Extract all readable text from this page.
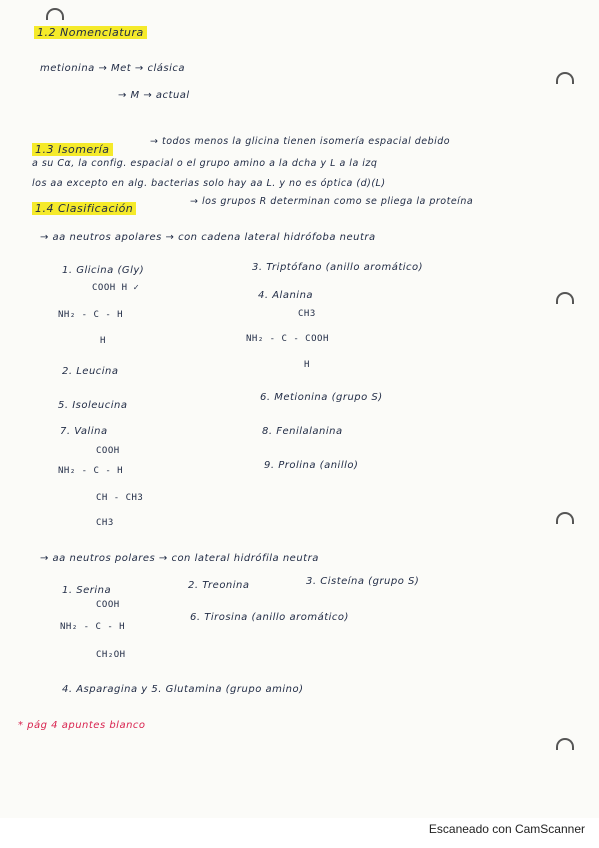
1.2 Nomenclatura
metionina → Met → clásica
→ M → actual
1.3 Isomería
→ todos menos la glicina tienen isomería espacial debido
a su Cα, la config. espacial o el grupo amino a la dcha y L a la izq
los aa excepto en alg. bacterias solo hay aa L. y no es óptica (d)(L)
1.4 Clasificación
→ los grupos R determinan como se pliega la proteína
→ aa neutros apolares → con cadena lateral hidrófoba neutra
1. Glicina (Gly)
COOH H ✓
NH₂ - C - H
H
3. Triptófano (anillo aromático)
4. Alanina
CH3
NH₂ - C - COOH
H
2. Leucina
5. Isoleucina
6. Metionina (grupo S)
7. Valina	8. Fenilalanina
COOH
NH₂ - C - H	9. Prolina (anillo)
CH - CH3
CH3
→ aa neutros polares → con lateral hidrófila neutra
1. Serina	2. Treonina	3. Cisteína (grupo S)
COOH
NH₂ - C - H
6. Tirosina (anillo aromático)
CH₂OH
4. Asparagina y 5. Glutamina (grupo amino)
* pág 4 apuntes blanco
Escaneado con CamScanner
